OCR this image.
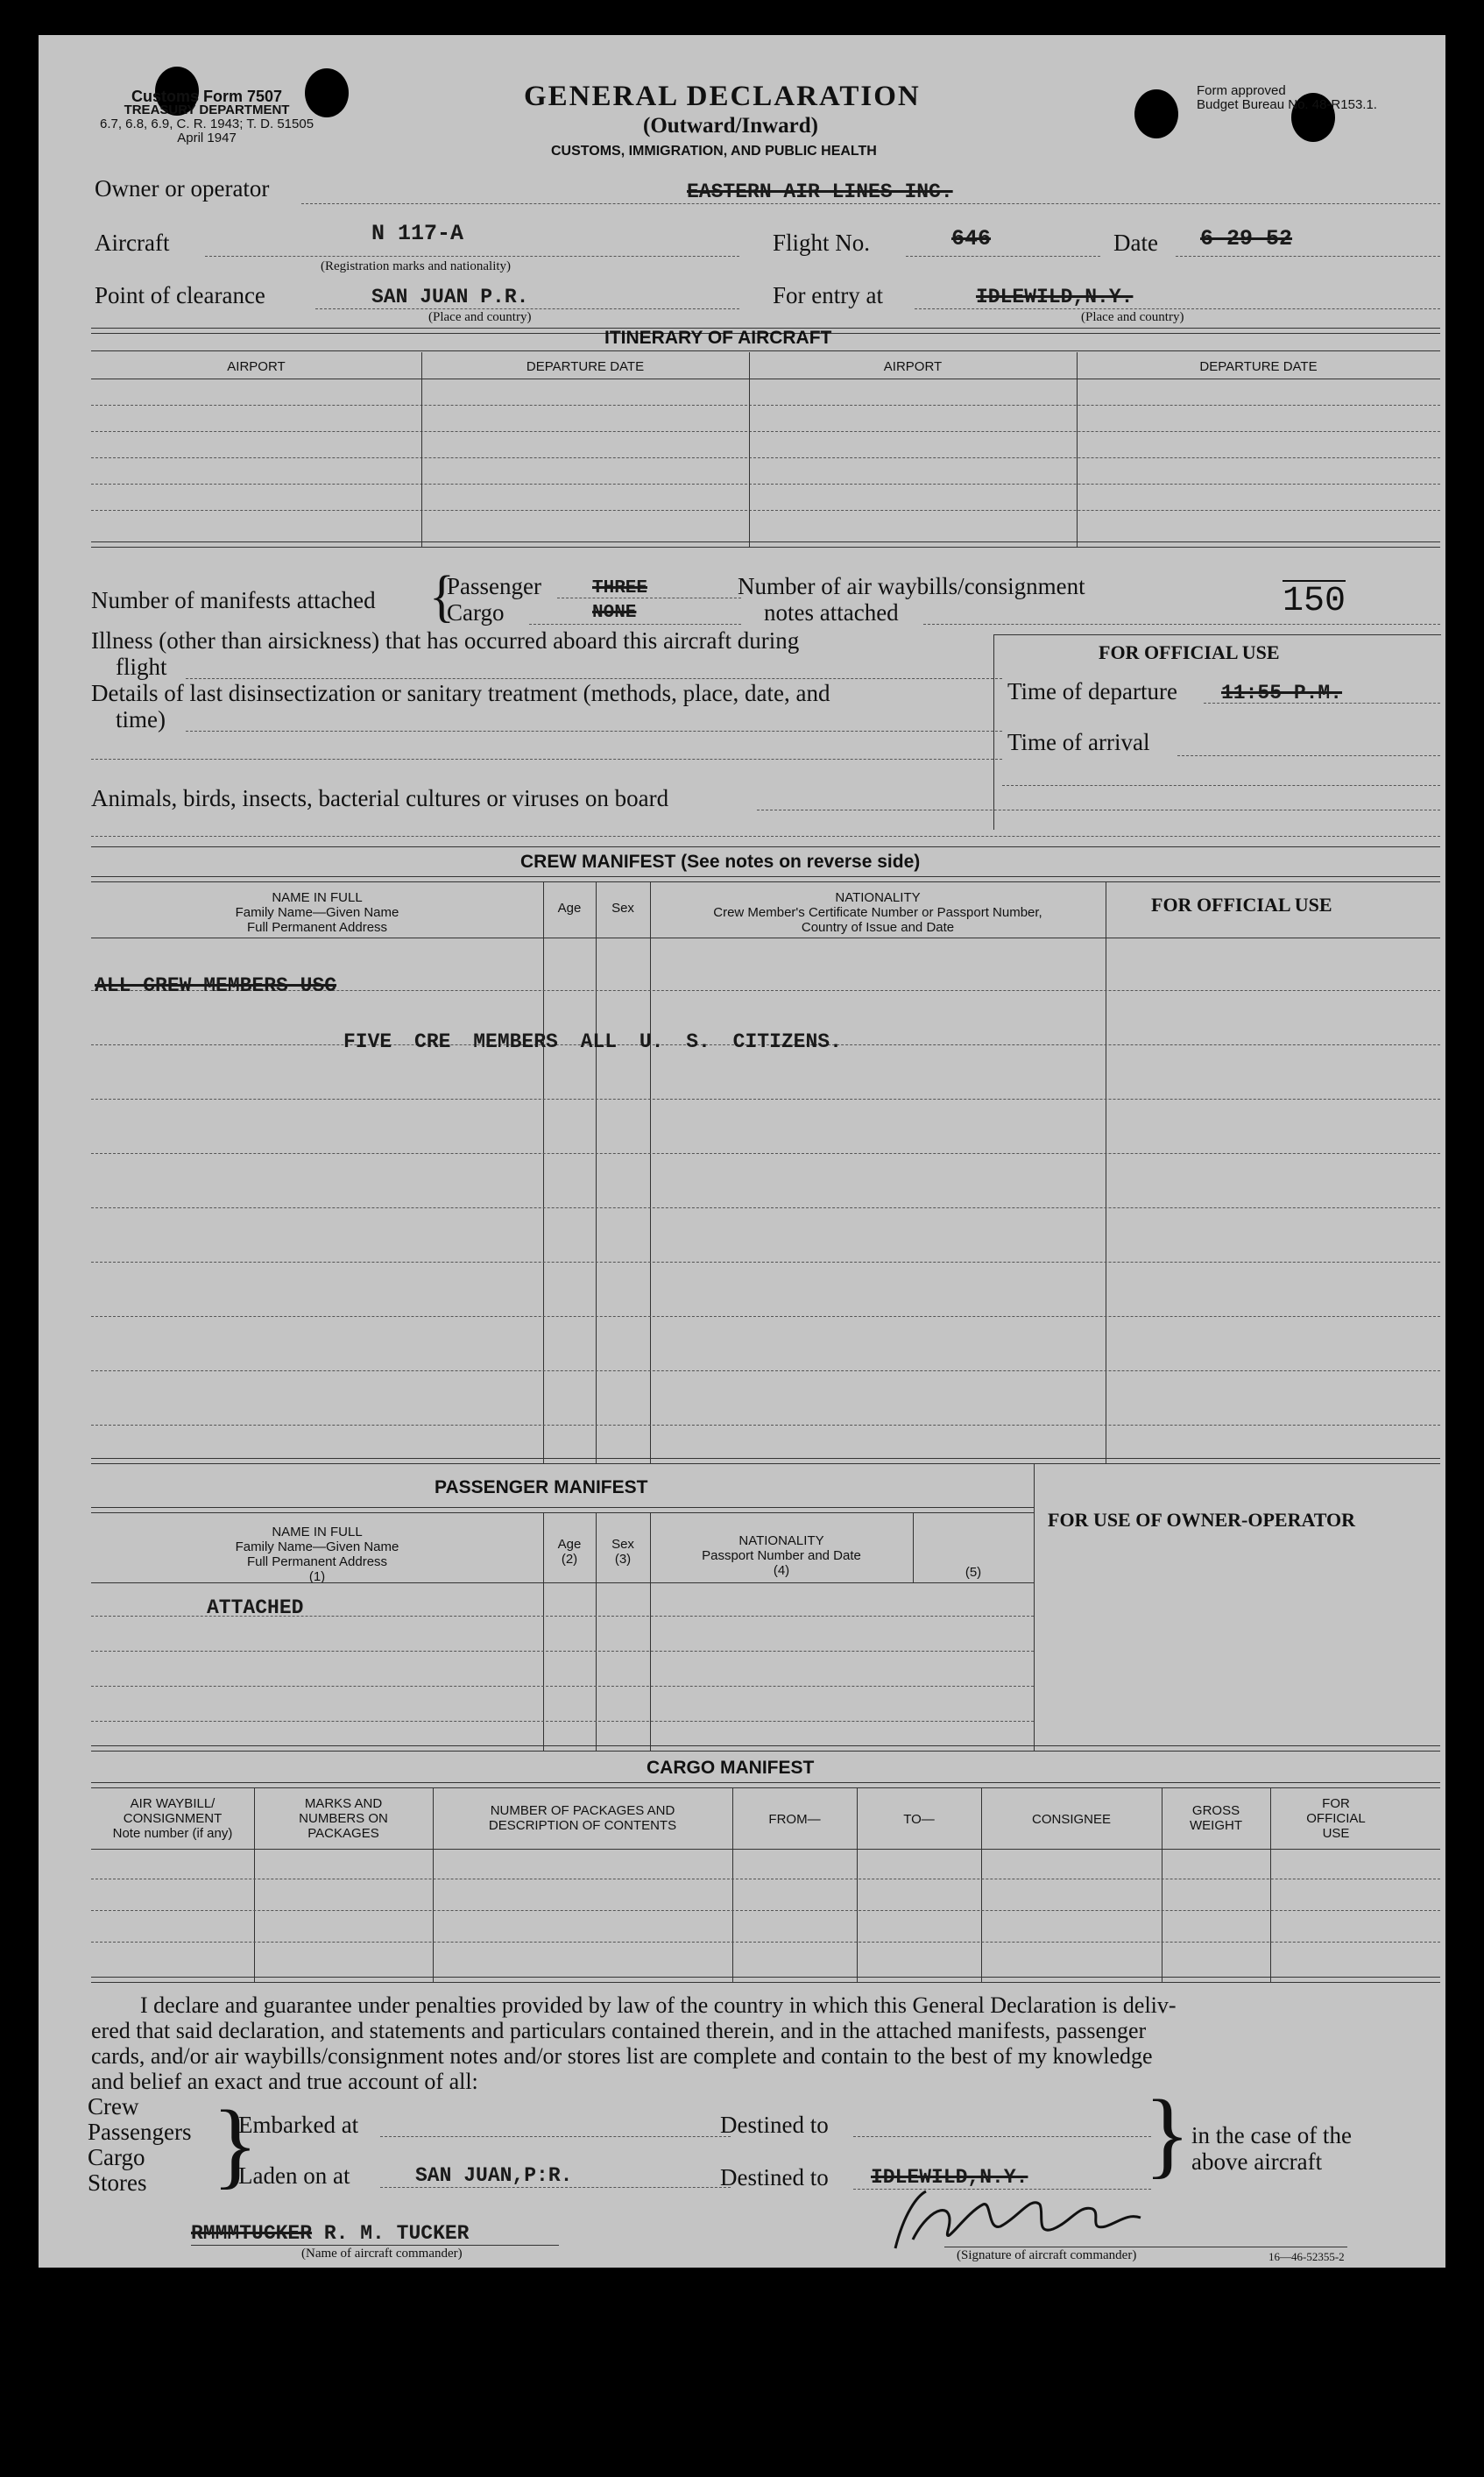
Customs Form 7507
TREASURY DEPARTMENT
6.7, 6.8, 6.9, C. R. 1943; T. D. 51505
April 1947
GENERAL DECLARATION
(Outward/Inward)
CUSTOMS, IMMIGRATION, AND PUBLIC HEALTH
Form approved
Budget Bureau No. 48-R153.1.
Owner or operator	EASTERN AIR LINES INC.
Aircraft	N 117-A
(Registration marks and nationality)
Flight No.	646	Date 6-29-52
Point of clearance	SAN JUAN P.R.
(Place and country)
For entry at	IDLEWILD,N.Y.
(Place and country)
ITINERARY OF AIRCRAFT
AIRPORT	DEPARTURE DATE	AIRPORT	DEPARTURE DATE
Number of manifests attached {
Passenger	THREE
Cargo	NONE
Number of air waybills/consignment
notes attached	150
Illness (other than airsickness) that has occurred aboard this aircraft during
flight
Details of last disinsectization or sanitary treatment (methods, place, date, and
time)
Animals, birds, insects, bacterial cultures or viruses on board
FOR OFFICIAL USE
Time of departure 11:55 P.M.
Time of arrival
CREW MANIFEST (See notes on reverse side)
NAME IN FULL
Family Name—Given Name
Full Permanent Address
Age	Sex
NATIONALITY
Crew Member's Certificate Number or Passport Number,
Country of Issue and Date
FOR OFFICIAL USE
ALL CREW MEMBERS USC
FIVE CRE MEMBERS ALL U. S. CITIZENS.
PASSENGER MANIFEST
NAME IN FULL
Family Name—Given Name
Full Permanent Address
(1)
Age
(2)
Sex
(3)
NATIONALITY
Passport Number and Date
(4)	(5)
FOR USE OF OWNER-OPERATOR
ATTACHED
CARGO MANIFEST
AIR WAYBILL/
CONSIGNMENT
Note number (if any)
MARKS AND
NUMBERS ON
PACKAGES
NUMBER OF PACKAGES AND
DESCRIPTION OF CONTENTS	FROM—	TO—	CONSIGNEE
GROSS
WEIGHT
FOR
OFFICIAL
USE
I declare and guarantee under penalties provided by law of the country in which this General Declaration is deliv-
ered that said declaration, and statements and particulars contained therein, and in the attached manifests, passenger
cards, and/or air waybills/consignment notes and/or stores list are complete and contain to the best of my knowledge
and belief an exact and true account of all:
Crew
Passengers
Cargo
Stores }
Embarked at
Laden on at	SAN JUAN,P:R.
Destined to
Destined to IDLEWILD,N.Y. } in the case of the
above aircraft
RMMMTUCKER R. M. TUCKER
(Name of aircraft commander)	(Signature of aircraft commander)	16—46-52355-2
